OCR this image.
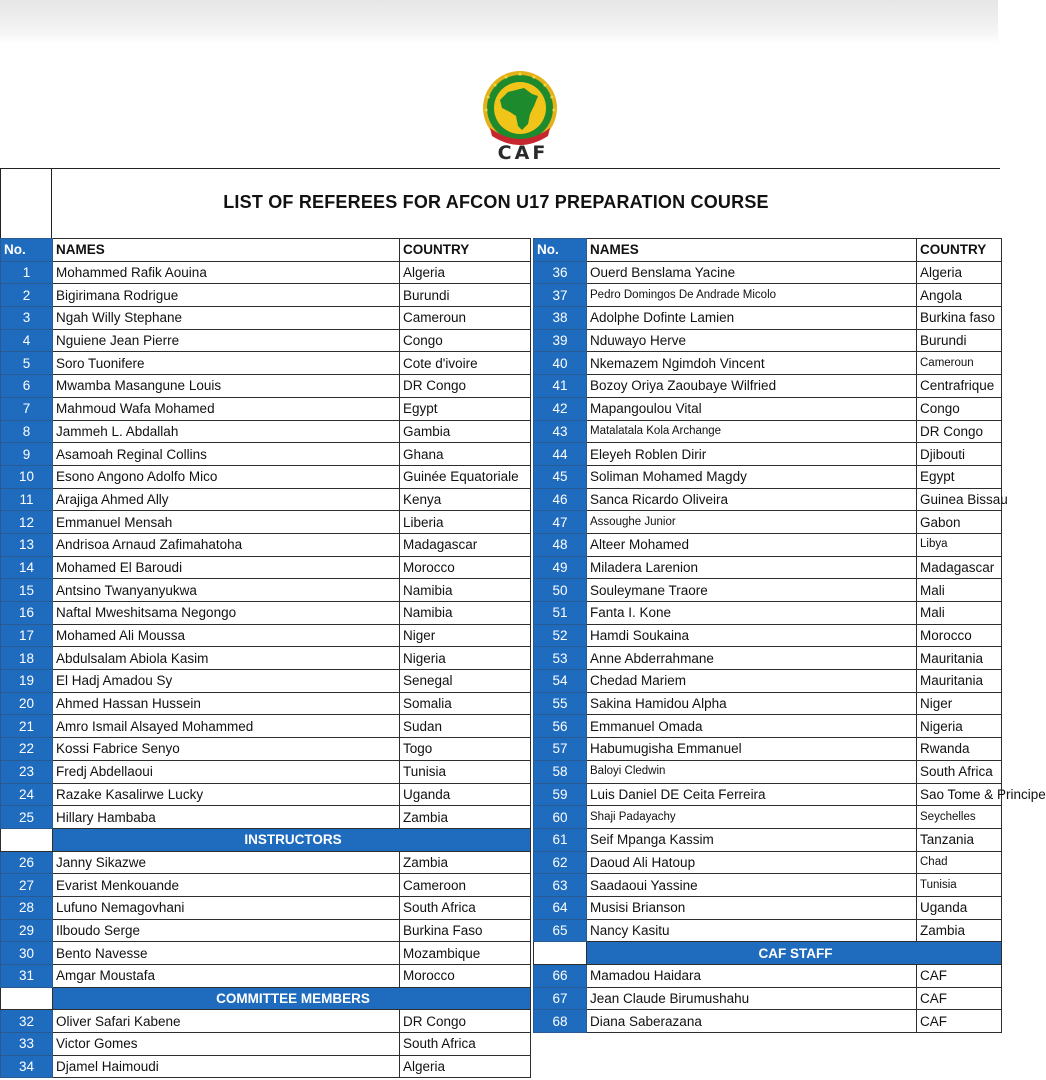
CAF
LIST OF REFEREES FOR AFCON U17 PREPARATION COURSE
No.	NAMES	COUNTRY
1	Mohammed Rafik Aouina	Algeria
2	Bigirimana Rodrigue	Burundi
3	Ngah Willy Stephane	Cameroun
4	Nguiene Jean Pierre	Congo
5	Soro Tuonifere	Cote d'ivoire
6	Mwamba Masangune Louis	DR Congo
7	Mahmoud Wafa Mohamed	Egypt
8	Jammeh L. Abdallah	Gambia
9	Asamoah Reginal Collins	Ghana
10	Esono Angono Adolfo Mico	Guinée Equatoriale
11	Arajiga Ahmed Ally	Kenya
12	Emmanuel Mensah	Liberia
13	Andrisoa Arnaud Zafimahatoha	Madagascar
14	Mohamed El Baroudi	Morocco
15	Antsino Twanyanyukwa	Namibia
16	Naftal Mweshitsama Negongo	Namibia
17	Mohamed Ali Moussa	Niger
18	Abdulsalam Abiola Kasim	Nigeria
19	El Hadj Amadou Sy	Senegal
20	Ahmed Hassan Hussein	Somalia
21	Amro Ismail Alsayed Mohammed	Sudan
22	Kossi Fabrice Senyo	Togo
23	Fredj Abdellaoui	Tunisia
24	Razake Kasalirwe Lucky	Uganda
25	Hillary Hambaba	Zambia
	INSTRUCTORS	
26	Janny Sikazwe	Zambia
27	Evarist Menkouande	Cameroon
28	Lufuno Nemagovhani	South Africa
29	Ilboudo Serge	Burkina Faso
30	Bento Navesse	Mozambique
31	Amgar Moustafa	Morocco
	COMMITTEE MEMBERS	
32	Oliver Safari Kabene	DR Congo
33	Victor Gomes	South Africa
34	Djamel Haimoudi	Algeria
No.	NAMES	COUNTRY
36	Ouerd Benslama Yacine	Algeria
37	Pedro Domingos De Andrade Micolo	Angola
38	Adolphe Dofinte Lamien	Burkina faso
39	Nduwayo Herve	Burundi
40	Nkemazem Ngimdoh Vincent	Cameroun
41	Bozoy Oriya Zaoubaye Wilfried	Centrafrique
42	Mapangoulou Vital	Congo
43	Matalatala Kola Archange	DR Congo
44	Eleyeh Roblen Dirir	Djibouti
45	Soliman Mohamed Magdy	Egypt
46	Sanca Ricardo Oliveira	Guinea Bissau
47	Assoughe Junior	Gabon
48	Alteer Mohamed	Libya
49	Miladera Larenion	Madagascar
50	Souleymane Traore	Mali
51	Fanta I. Kone	Mali
52	Hamdi Soukaina	Morocco
53	Anne Abderrahmane	Mauritania
54	Chedad Mariem	Mauritania
55	Sakina Hamidou Alpha	Niger
56	Emmanuel Omada	Nigeria
57	Habumugisha Emmanuel	Rwanda
58	Baloyi Cledwin	South Africa
59	Luis Daniel DE Ceita Ferreira	Sao Tome & Principe
60	Shaji Padayachy	Seychelles
61	Seif Mpanga Kassim	Tanzania
62	Daoud Ali Hatoup	Chad
63	Saadaoui Yassine	Tunisia
64	Musisi Brianson	Uganda
65	Nancy Kasitu	Zambia
	CAF STAFF	
66	Mamadou Haidara	CAF
67	Jean Claude Birumushahu	CAF
68	Diana Saberazana	CAF
